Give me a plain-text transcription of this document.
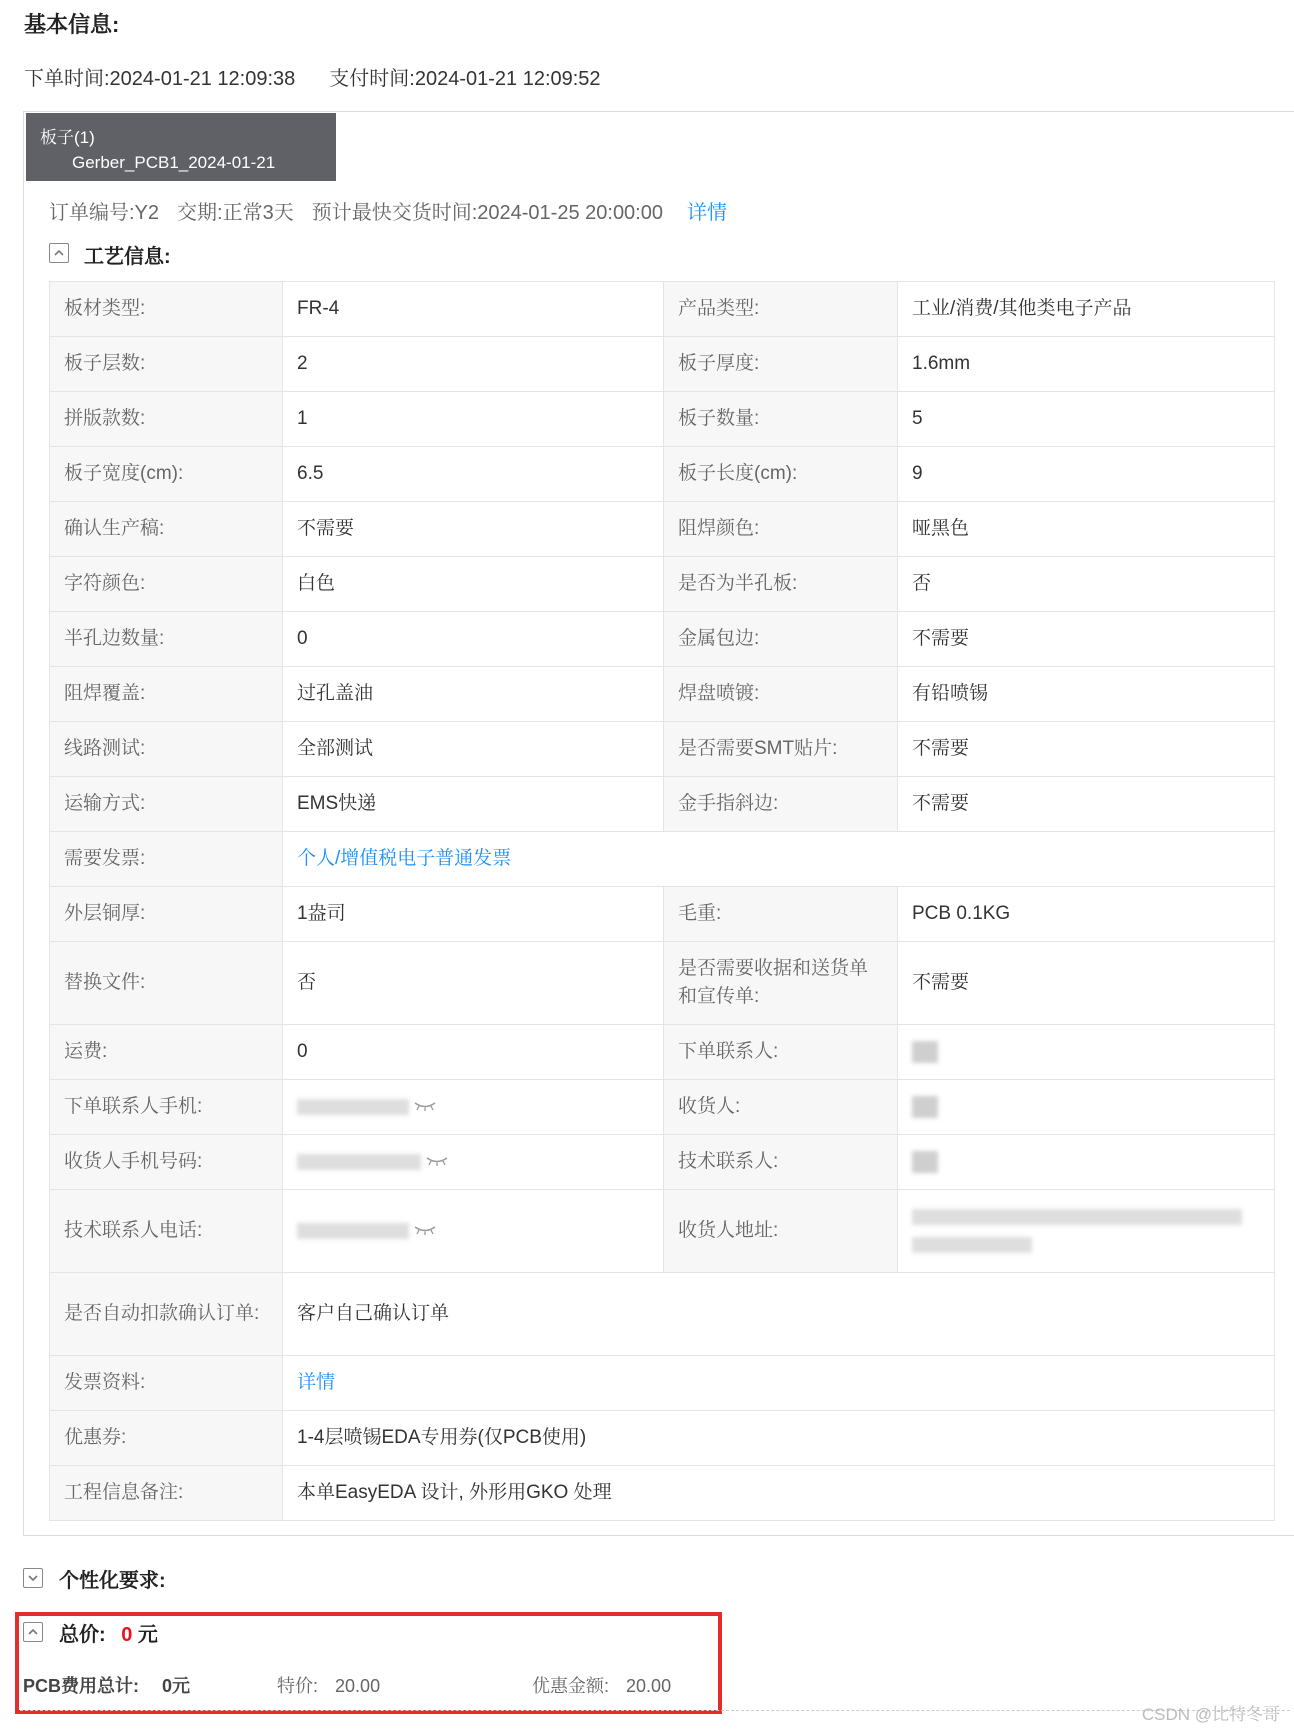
基本信息:
下单时间:2024-01-21 12:09:38 支付时间:2024-01-21 12:09:52
板子(1)
Gerber_PCB1_2024-01-21
订单编号:Y2 交期:正常3天 预计最快交货时间:2024-01-25 20:00:00 详情
工艺信息:
板材类型:	FR-4	产品类型:	工业/消费/其他类电子产品
板子层数:	2	板子厚度:	1.6mm
拼版款数:	1	板子数量:	5
板子宽度(cm):	6.5	板子长度(cm):	9
确认生产稿:	不需要	阻焊颜色:	哑黑色
字符颜色:	白色	是否为半孔板:	否
半孔边数量:	0	金属包边:	不需要
阻焊覆盖:	过孔盖油	焊盘喷镀:	有铅喷锡
线路测试:	全部测试	是否需要SMT贴片:	不需要
运输方式:	EMS快递	金手指斜边:	不需要
需要发票:	个人/增值税电子普通发票		
外层铜厚:	1盎司	毛重:	PCB 0.1KG
替换文件:	否	是否需要收据和送货单和宣传单:	不需要
运费:	0	下单联系人:	
下单联系人手机:		收货人:	
收货人手机号码:		技术联系人:	
技术联系人电话:		收货人地址:	

是否自动扣款确认订单:	客户自己确认订单		
发票资料:	详情		
优惠券:	1-4层喷锡EDA专用券(仅PCB使用)		
工程信息备注:	本单EasyEDA 设计, 外形用GKO 处理		
个性化要求:
总价: 0 元
PCB费用总计: 0元	特价: 20.00	优惠金额: 20.00
CSDN @比特冬哥
